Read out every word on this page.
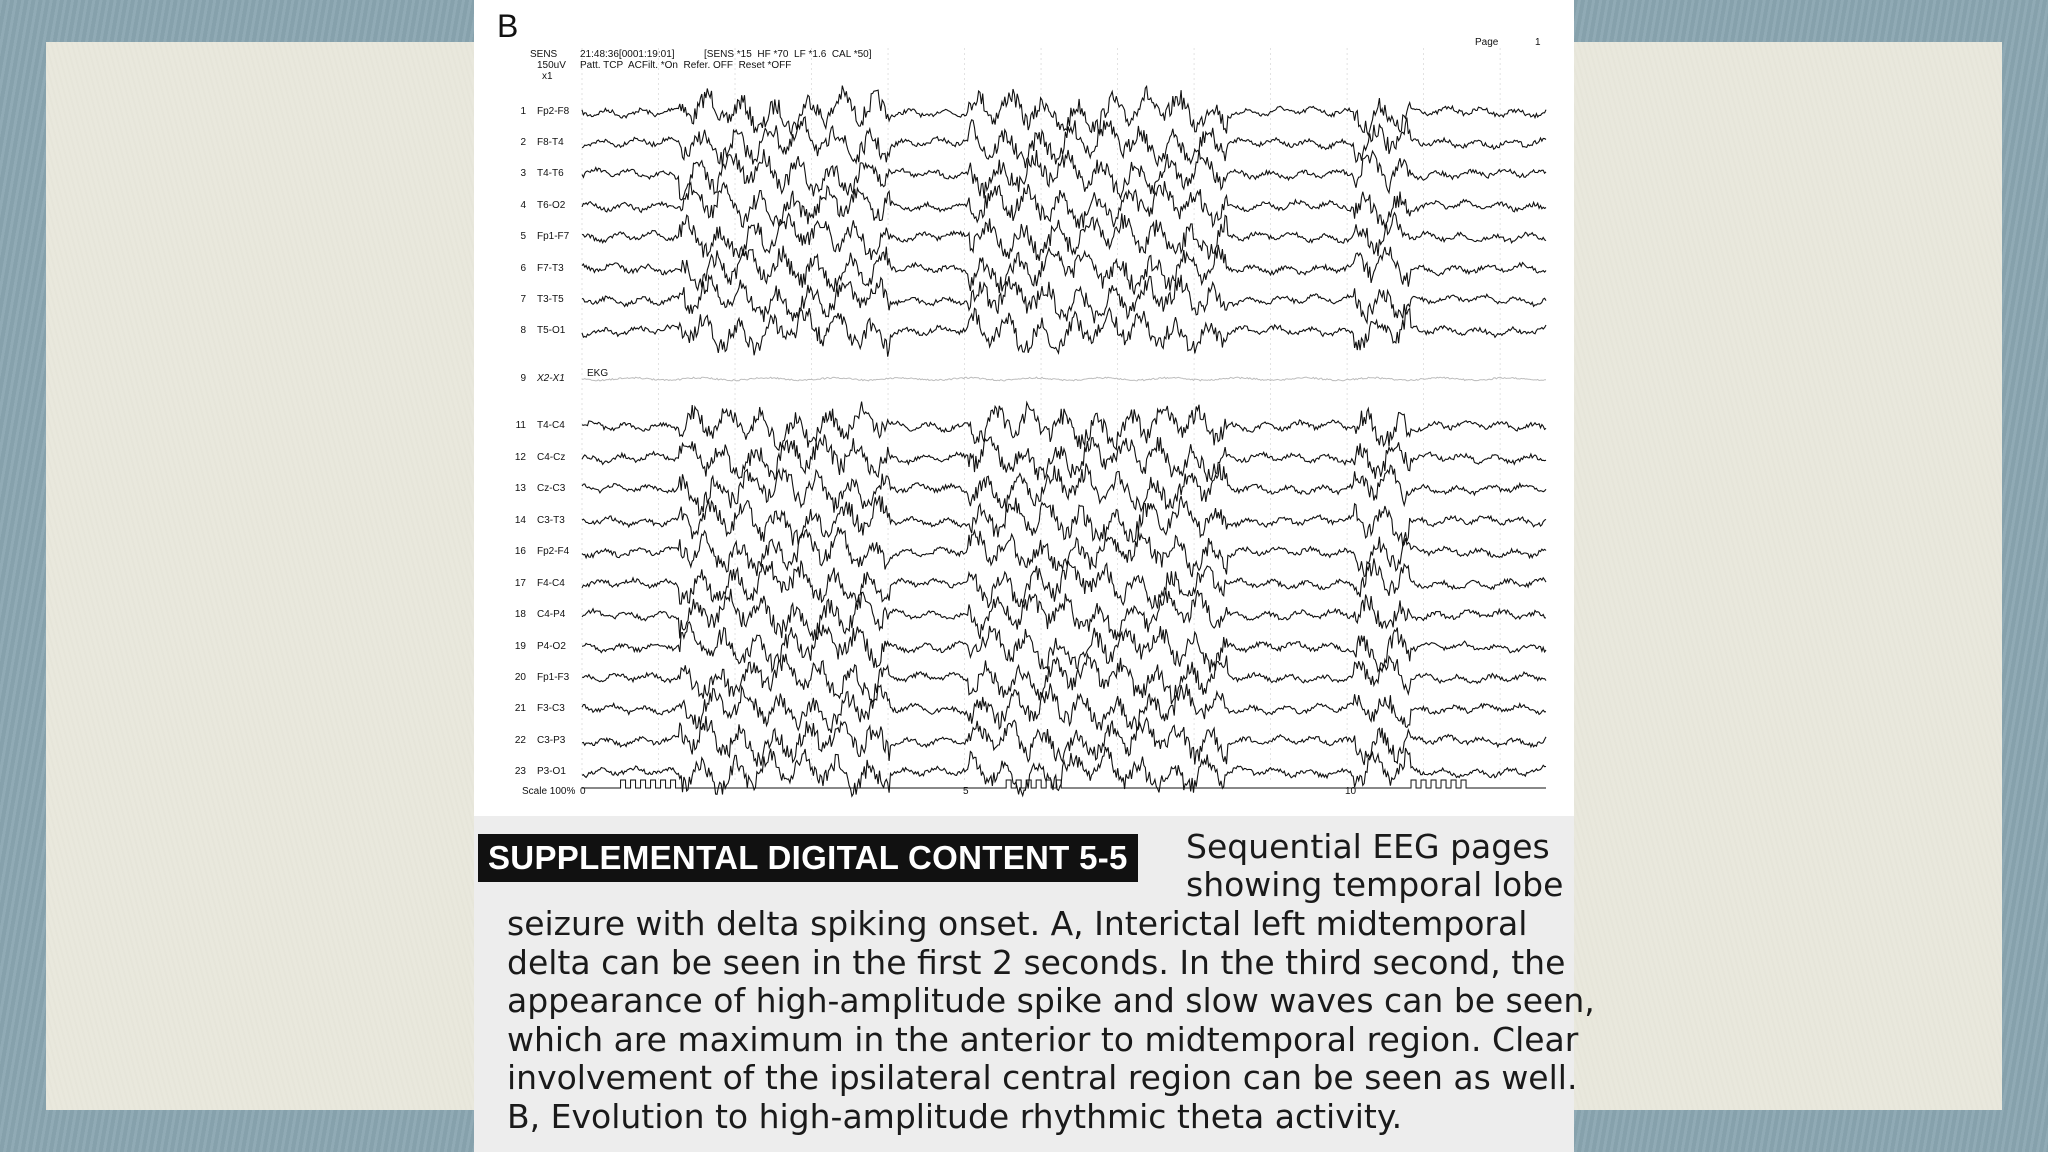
B
SENS
150uV
x1
21:48:36[0001:19:01]	[SENS *15  HF *70  LF *1.6  CAL *50]
Patt. TCP  ACFilt. *On  Refer. OFF  Reset *OFF
Page	1
1 Fp2-F8
2 F8-T4
3 T4-T6
4 T6-O2
5 Fp1-F7
6 F7-T3
7 T3-T5
8 T5-O1
9 X2-X1
11 T4-C4
12 C4-Cz
13 Cz-C3
14 C3-T3
16 Fp2-F4
17 F4-C4
18 C4-P4
19 P4-O2
20 Fp1-F3
21 F3-C3
22 C3-P3
23 P3-O1
EKG
0	5	10
Scale 100%
SUPPLEMENTAL DIGITAL CONTENT 5-5	Sequential EEG pages
showing temporal lobe

seizure with delta spiking onset. A, Interictal left midtemporal

delta can be seen in the first 2 seconds. In the third second, the

appearance of high-amplitude spike and slow waves can be seen,

which are maximum in the anterior to midtemporal region. Clear

involvement of the ipsilateral central region can be seen as well.

B, Evolution to high-amplitude rhythmic theta activity.
